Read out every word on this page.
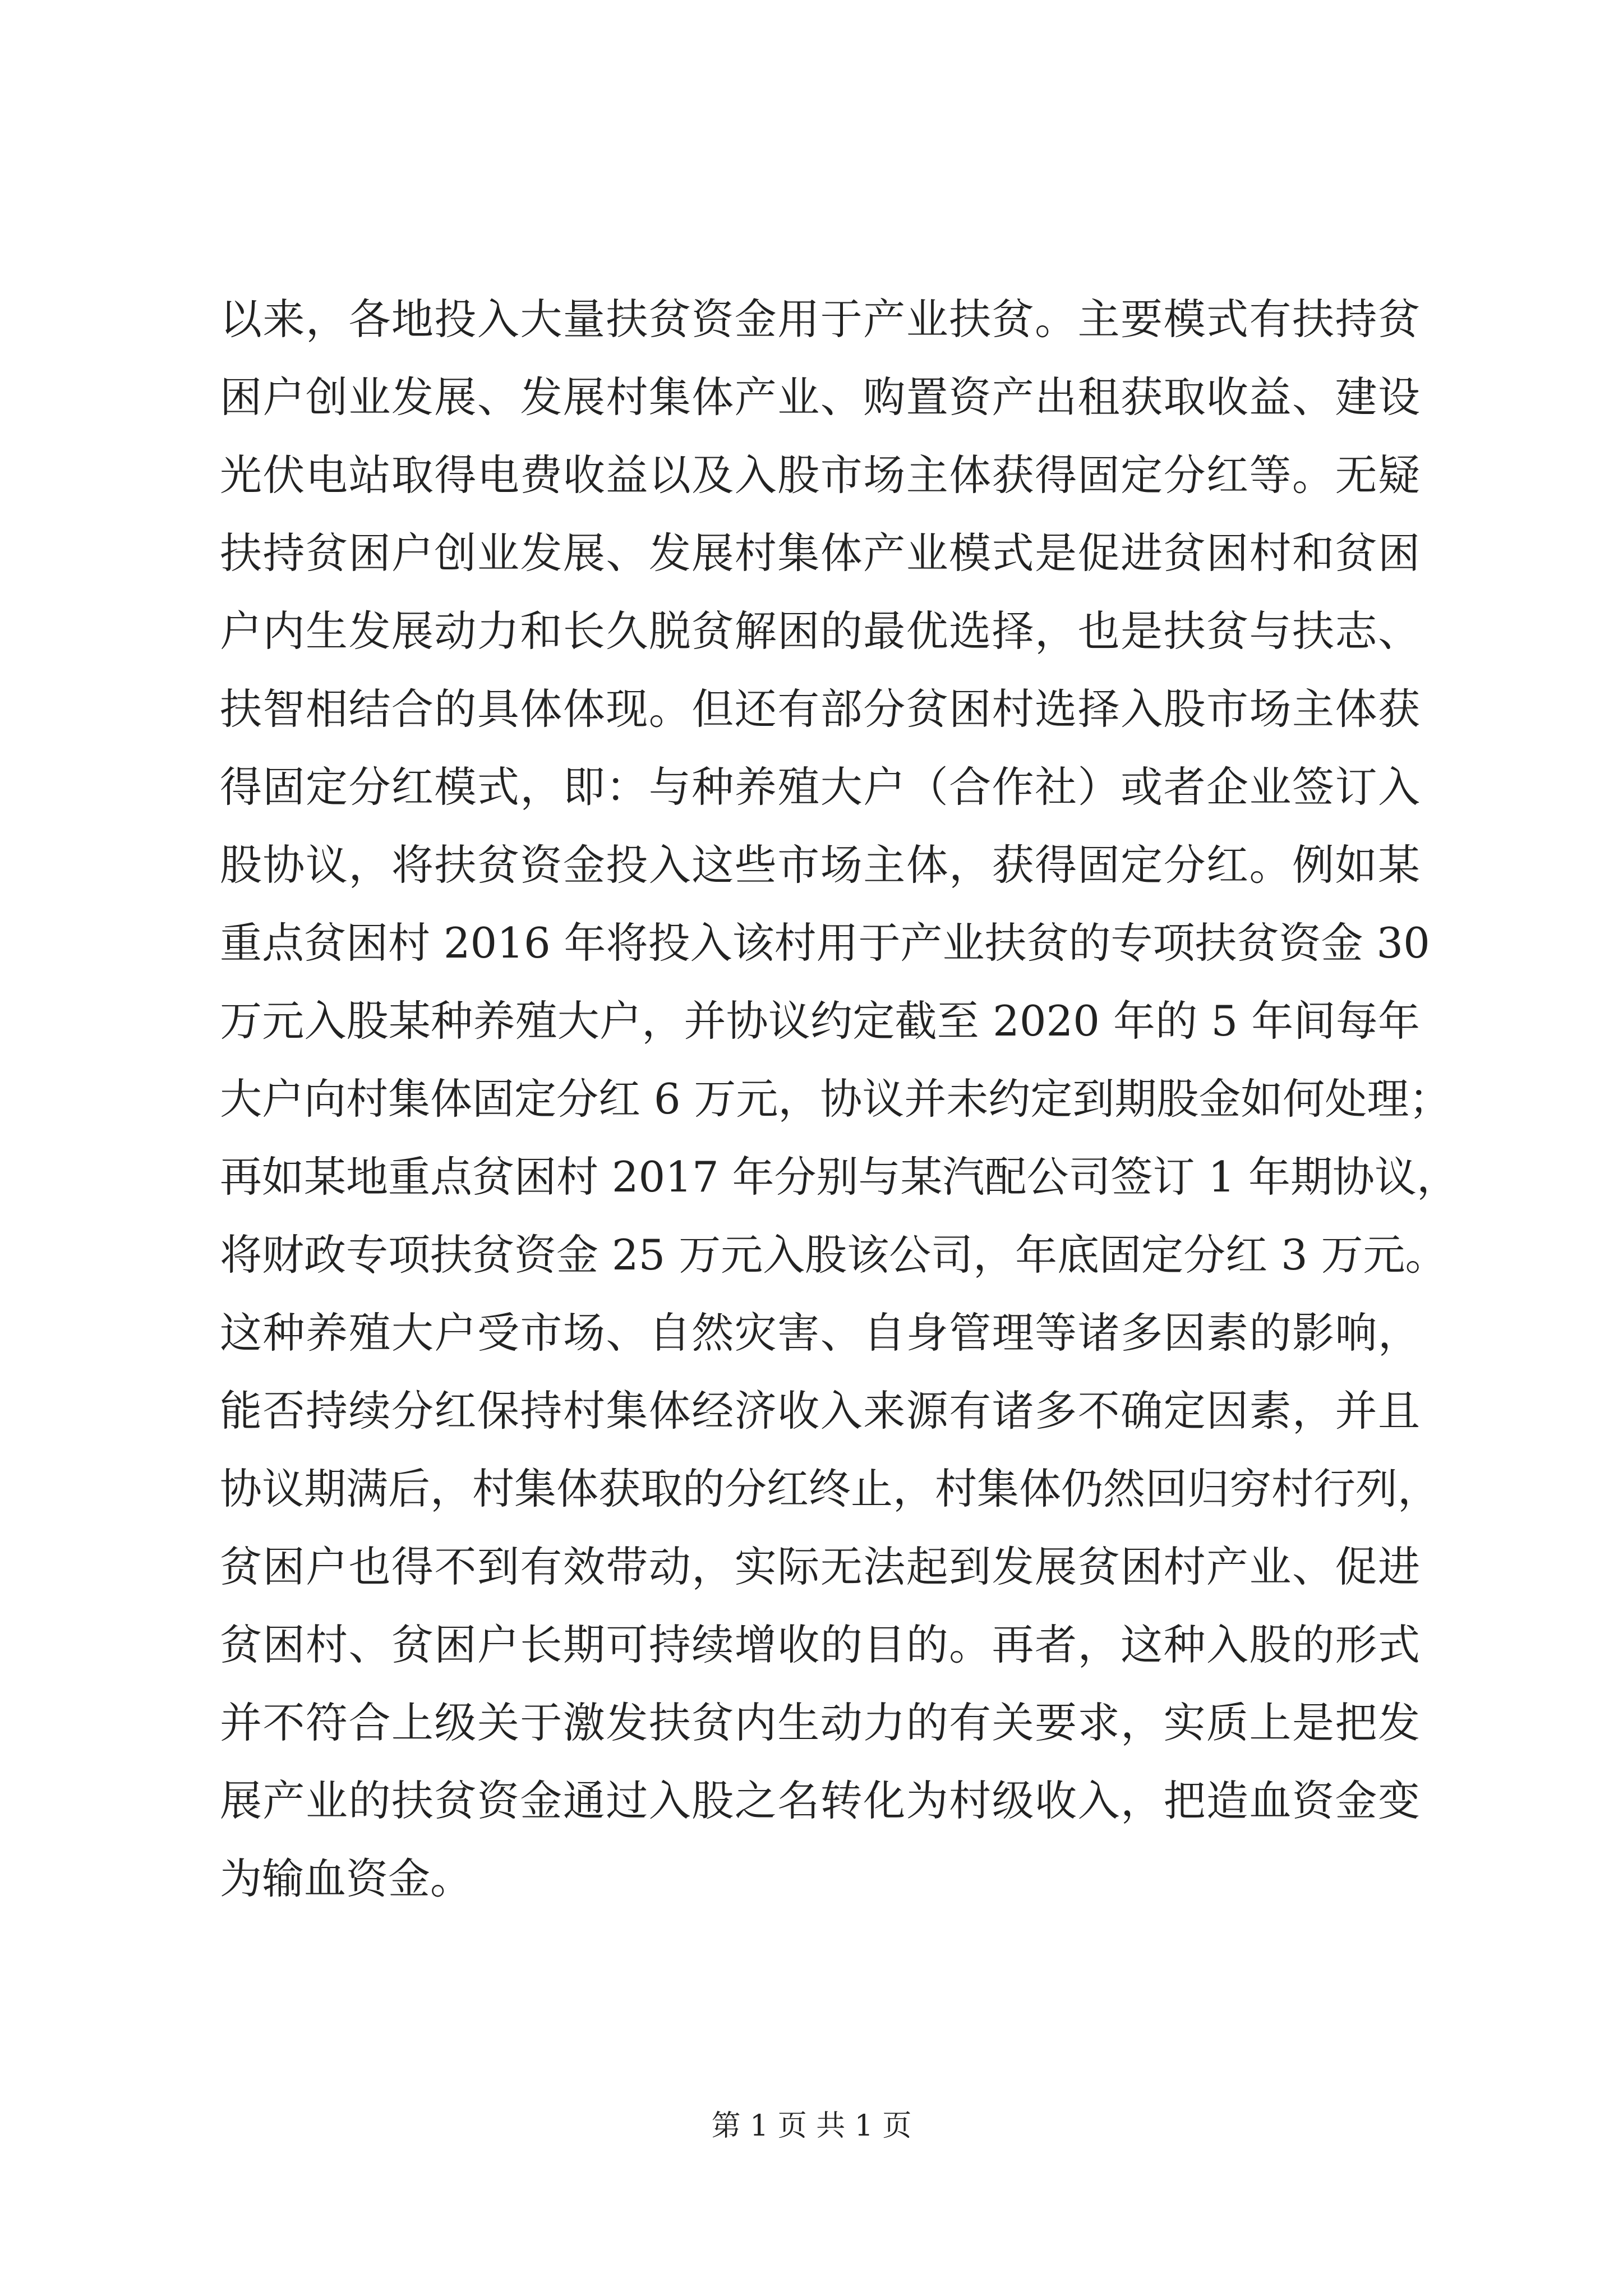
以来，各地投入大量扶贫资金用于产业扶贫。主要模式有扶持贫
困户创业发展、发展村集体产业、购置资产出租获取收益、建设
光伏电站取得电费收益以及入股市场主体获得固定分红等。无疑
扶持贫困户创业发展、发展村集体产业模式是促进贫困村和贫困
户内生发展动力和长久脱贫解困的最优选择，也是扶贫与扶志、
扶智相结合的具体体现。但还有部分贫困村选择入股市场主体获
得固定分红模式，即：与种养殖大户（合作社）或者企业签订入
股协议，将扶贫资金投入这些市场主体，获得固定分红。例如某
重点贫困村 2016 年将投入该村用于产业扶贫的专项扶贫资金 30
万元入股某种养殖大户，并协议约定截至 2020 年的 5 年间每年
大户向村集体固定分红 6 万元，协议并未约定到期股金如何处理；
再如某地重点贫困村 2017 年分别与某汽配公司签订 1 年期协议，
将财政专项扶贫资金 25 万元入股该公司，年底固定分红 3 万元。
这种养殖大户受市场、自然灾害、自身管理等诸多因素的影响，
能否持续分红保持村集体经济收入来源有诸多不确定因素，并且
协议期满后，村集体获取的分红终止，村集体仍然回归穷村行列，
贫困户也得不到有效带动，实际无法起到发展贫困村产业、促进
贫困村、贫困户长期可持续增收的目的。再者，这种入股的形式
并不符合上级关于激发扶贫内生动力的有关要求，实质上是把发
展产业的扶贫资金通过入股之名转化为村级收入，把造血资金变
为输血资金。
第 1 页 共 1 页
